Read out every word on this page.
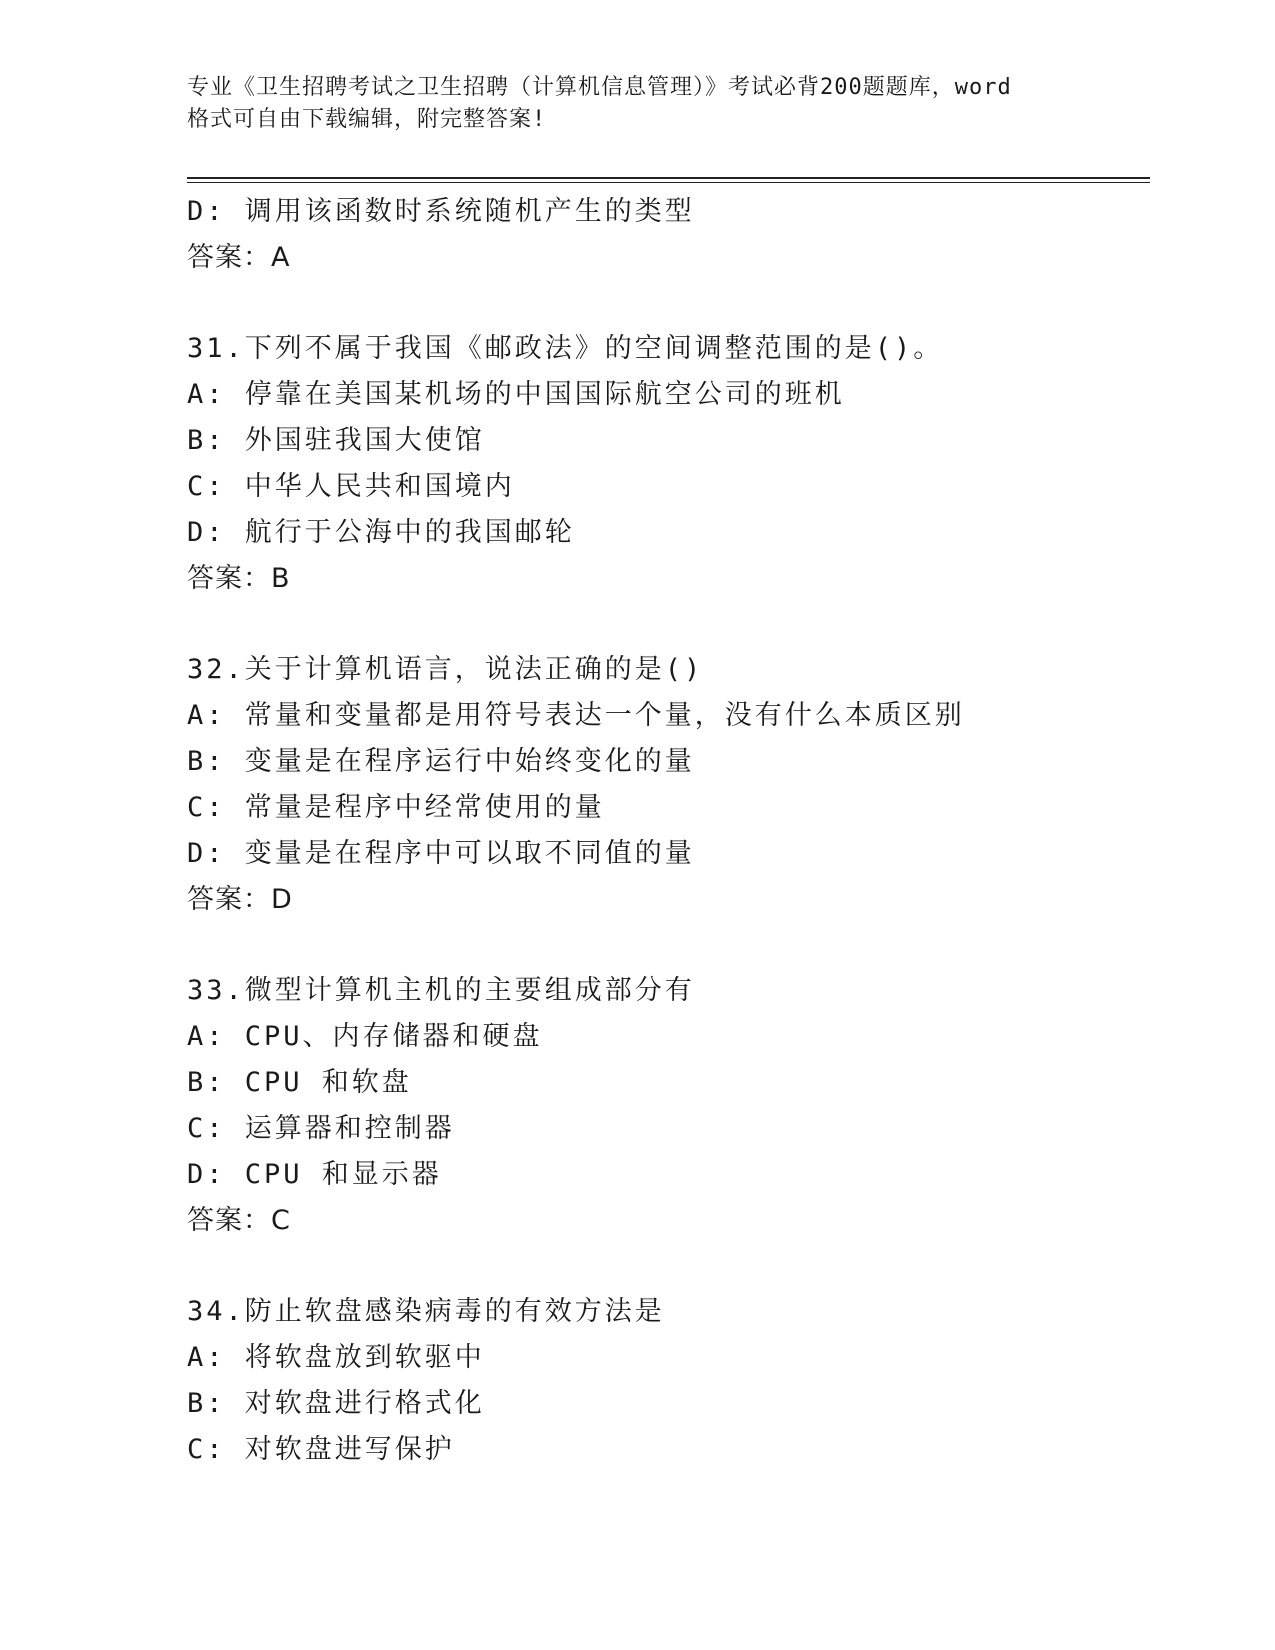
专业《卫生招聘考试之卫生招聘（计算机信息管理）》考试必背200题题库，word
格式可自由下载编辑，附完整答案!
D: 调用该函数时系统随机产生的类型
答案：A
31.下列不属于我国《邮政法》的空间调整范围的是()。
A: 停靠在美国某机场的中国国际航空公司的班机
B: 外国驻我国大使馆
C: 中华人民共和国境内
D: 航行于公海中的我国邮轮
答案：B
32.关于计算机语言，说法正确的是()
A: 常量和变量都是用符号表达一个量，没有什么本质区别
B: 变量是在程序运行中始终变化的量
C: 常量是程序中经常使用的量
D: 变量是在程序中可以取不同值的量
答案：D
33.微型计算机主机的主要组成部分有
A: CPU、内存储器和硬盘
B: CPU 和软盘
C: 运算器和控制器
D: CPU 和显示器
答案：C
34.防止软盘感染病毒的有效方法是
A: 将软盘放到软驱中
B: 对软盘进行格式化
C: 对软盘进写保护
